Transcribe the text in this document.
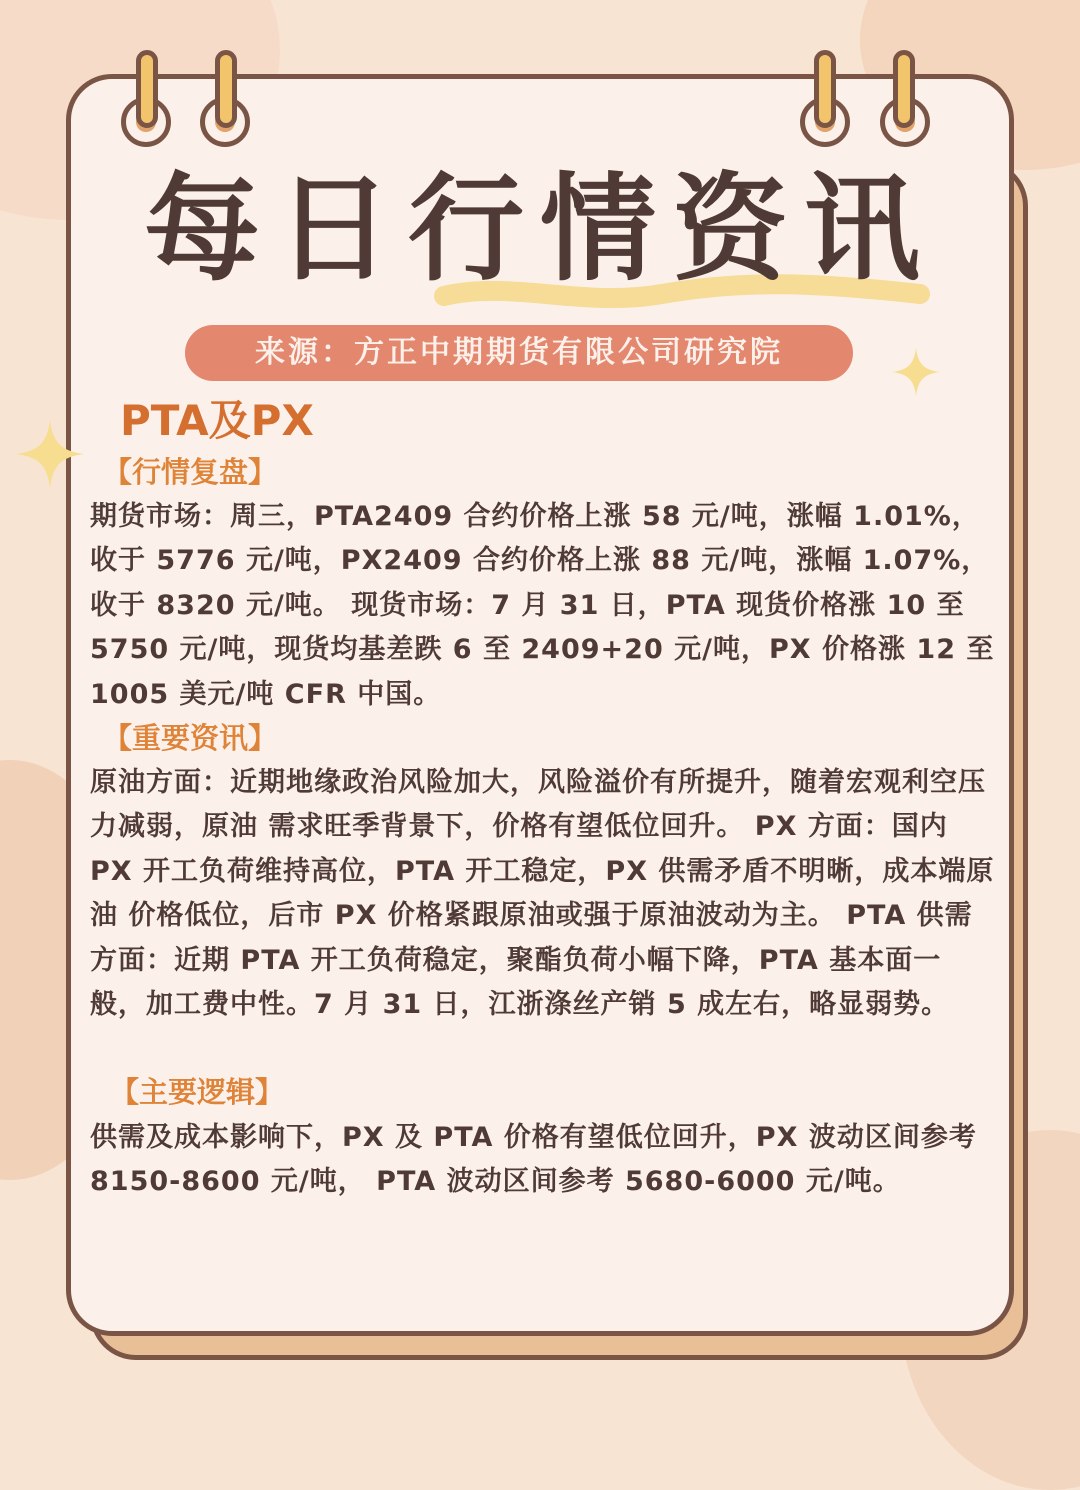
每日行情资讯
来源：方正中期期货有限公司研究院
PTA及PX
【行情复盘】
期货市场：周三，PTA2409 合约价格上涨 58 元/吨，涨幅 1.01%，收于 5776 元/吨，PX2409 合约价格上涨 88 元/吨，涨幅 1.07%，收于 8320 元/吨。 现货市场：7 月 31 日，PTA 现货价格涨 10 至 5750 元/吨，现货均基差跌 6 至 2409+20 元/吨，PX 价格涨 12 至 1005 美元/吨 CFR 中国。
【重要资讯】
原油方面：近期地缘政治风险加大，风险溢价有所提升，随着宏观利空压力减弱，原油 需求旺季背景下，价格有望低位回升。 PX 方面：国内 PX 开工负荷维持高位，PTA 开工稳定，PX 供需矛盾不明晰，成本端原油 价格低位，后市 PX 价格紧跟原油或强于原油波动为主。 PTA 供需方面：近期 PTA 开工负荷稳定，聚酯负荷小幅下降，PTA 基本面一般，加工费中性。7 月 31 日，江浙涤丝产销 5 成左右，略显弱势。
【主要逻辑】
供需及成本影响下，PX 及 PTA 价格有望低位回升，PX 波动区间参考 8150-8600 元/吨， PTA 波动区间参考 5680-6000 元/吨。
